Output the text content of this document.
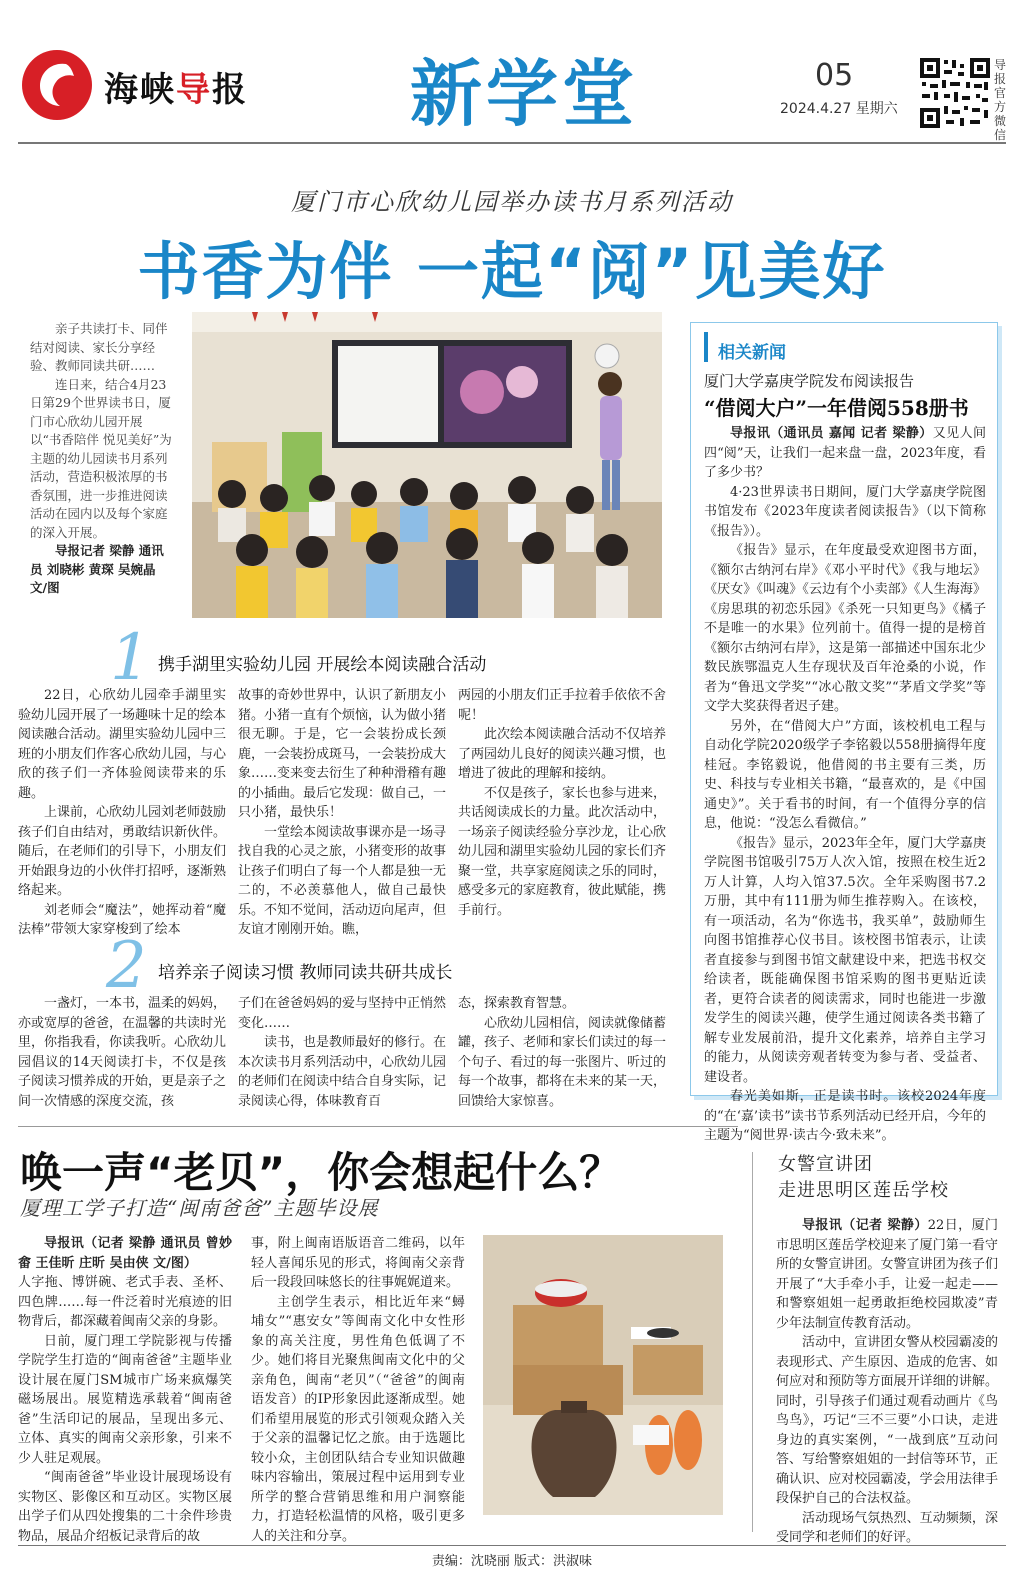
海峡导报 新学堂	05
2024.4.27 星期六
导报官方微信
厦门市心欣幼儿园举办读书月系列活动
书香为伴 一起“阅”见美好

亲子共读打卡、同伴结对阅读、家长分享经验、教师同读共研……

连日来，结合4月23日第29个世界读书日，厦门市心欣幼儿园开展以“书香陪伴 悦见美好”为主题的幼儿园读书月系列活动，营造积极浓厚的书香氛围，进一步推进阅读活动在园内以及每个家庭的深入开展。

导报记者 梁静 通讯员 刘晓彬 黄琛 吴婉晶 文/图

1 携手湖里实验幼儿园 开展绘本阅读融合活动

22日，心欣幼儿园牵手湖里实验幼儿园开展了一场趣味十足的绘本阅读融合活动。湖里实验幼儿园中三班的小朋友们作客心欣幼儿园，与心欣的孩子们一齐体验阅读带来的乐趣。

上课前，心欣幼儿园刘老师鼓励孩子们自由结对，勇敢结识新伙伴。随后，在老师们的引导下，小朋友们开始跟身边的小伙伴打招呼，逐渐熟络起来。

刘老师会“魔法”，她挥动着“魔法棒”带领大家穿梭到了绘本

故事的奇妙世界中，认识了新朋友小猪。小猪一直有个烦恼，认为做小猪很无聊。于是，它一会装扮成长颈鹿，一会装扮成斑马，一会装扮成大象……变来变去衍生了种种滑稽有趣的小插曲。最后它发现：做自己，一只小猪，最快乐！

一堂绘本阅读故事课亦是一场寻找自我的心灵之旅，小猪变形的故事让孩子们明白了每一个人都是独一无二的，不必羡慕他人，做自己最快乐。不知不觉间，活动迈向尾声，但友谊才刚刚开始。瞧，

两园的小朋友们正手拉着手依依不舍呢！

此次绘本阅读融合活动不仅培养了两园幼儿良好的阅读兴趣习惯，也增进了彼此的理解和接纳。

不仅是孩子，家长也参与进来，共话阅读成长的力量。此次活动中，一场亲子阅读经验分享沙龙，让心欣幼儿园和湖里实验幼儿园的家长们齐聚一堂，共享家庭阅读之乐的同时，感受多元的家庭教育，彼此赋能，携手前行。

2 培养亲子阅读习惯 教师同读共研共成长

一盏灯，一本书，温柔的妈妈，亦或宽厚的爸爸，在温馨的共读时光里，你指我看，你读我听。心欣幼儿园倡议的14天阅读打卡，不仅是孩子阅读习惯养成的开始，更是亲子之间一次情感的深度交流，孩

子们在爸爸妈妈的爱与坚持中正悄然变化……

读书，也是教师最好的修行。在本次读书月系列活动中，心欣幼儿园的老师们在阅读中结合自身实际，记录阅读心得，体味教育百

态，探索教育智慧。

心欣幼儿园相信，阅读就像储蓄罐，孩子、老师和家长们读过的每一个句子、看过的每一张图片、听过的每一个故事，都将在未来的某一天，回馈给大家惊喜。

相关新闻
厦门大学嘉庚学院发布阅读报告
“借阅大户”一年借阅558册书

导报讯（通讯员 嘉闻 记者 梁静）又见人间四“阅”天，让我们一起来盘一盘，2023年度，看了多少书？

4·23世界读书日期间，厦门大学嘉庚学院图书馆发布《2023年度读者阅读报告》（以下简称《报告》）。

《报告》显示，在年度最受欢迎图书方面，《额尔古纳河右岸》《邓小平时代》《我与地坛》《厌女》《叫魂》《云边有个小卖部》《人生海海》《房思琪的初恋乐园》《杀死一只知更鸟》《橘子不是唯一的水果》位列前十。值得一提的是榜首《额尔古纳河右岸》，这是第一部描述中国东北少数民族鄂温克人生存现状及百年沧桑的小说，作者为“鲁迅文学奖”“冰心散文奖”“茅盾文学奖”等文学大奖获得者迟子建。

另外，在“借阅大户”方面，该校机电工程与自动化学院2020级学子李铭毅以558册摘得年度桂冠。李铭毅说，他借阅的书主要有三类，历史、科技与专业相关书籍，“最喜欢的，是《中国通史》”。关于看书的时间，有一个值得分享的信息，他说：“没怎么看微信。”

《报告》显示，2023年全年，厦门大学嘉庚学院图书馆吸引75万人次入馆，按照在校生近2万人计算，人均入馆37.5次。全年采购图书7.2万册，其中有111册为师生推荐购入。在该校，有一项活动，名为“你选书，我买单”，鼓励师生向图书馆推荐心仪书目。该校图书馆表示，让读者直接参与到图书馆文献建设中来，把选书权交给读者，既能确保图书馆采购的图书更贴近读者，更符合读者的阅读需求，同时也能进一步激发学生的阅读兴趣，使学生通过阅读各类书籍了解专业发展前沿，提升文化素养，培养自主学习的能力，从阅读旁观者转变为参与者、受益者、建设者。

春光美如斯，正是读书时。该校2024年度的“在‘嘉’读书”读书节系列活动已经开启，今年的主题为“阅世界·读古今·致未来”。

唤一声“老贝”，你会想起什么？
厦理工学子打造“闽南爸爸”主题毕设展

导报讯（记者 梁静 通讯员 曾妙畲 王佳昕 庄昕 吴由侠 文/图）

人字拖、博饼碗、老式手表、圣杯、四色牌……每一件泛着时光痕迹的旧物背后，都深藏着闽南父亲的身影。

日前，厦门理工学院影视与传播学院学生打造的“闽南爸爸”主题毕业设计展在厦门SM城市广场来疯爆笑磁场展出。展览精选承载着“闽南爸爸”生活印记的展品，呈现出多元、立体、真实的闽南父亲形象，引来不少人驻足观展。

“闽南爸爸”毕业设计展现场设有实物区、影像区和互动区。实物区展出学子们从四处搜集的二十余件珍贵物品，展品介绍板记录背后的故

事，附上闽南语版语音二维码，以年轻人喜闻乐见的形式，将闽南父亲背后一段段回味悠长的往事娓娓道来。

主创学生表示，相比近年来“蟳埔女”“惠安女”等闽南文化中女性形象的高关注度，男性角色低调了不少。她们将目光聚焦闽南文化中的父亲角色，闽南“老贝”（“爸爸”的闽南语发音）的IP形象因此逐渐成型。她们希望用展览的形式引领观众踏入关于父亲的温馨记忆之旅。由于选题比较小众，主创团队结合专业知识做趣味内容输出，策展过程中运用到专业所学的整合营销思维和用户洞察能力，打造轻松温情的风格，吸引更多人的关注和分享。

女警宣讲团
走进思明区莲岳学校

导报讯（记者 梁静）22日，厦门市思明区莲岳学校迎来了厦门第一看守所的女警宣讲团。女警宣讲团为孩子们开展了“大手牵小手，让爱一起走——和警察姐姐一起勇敢拒绝校园欺凌”青少年法制宣传教育活动。

活动中，宣讲团女警从校园霸凌的表现形式、产生原因、造成的危害、如何应对和预防等方面展开详细的讲解。同时，引导孩子们通过观看动画片《鸟鸟鸟》，巧记“三不三要”小口诀，走进身边的真实案例，“一战到底”互动问答、写给警察姐姐的一封信等环节，正确认识、应对校园霸凌，学会用法律手段保护自己的合法权益。

活动现场气氛热烈、互动频频，深受同学和老师们的好评。

责编：沈晓丽 版式：洪淑味
